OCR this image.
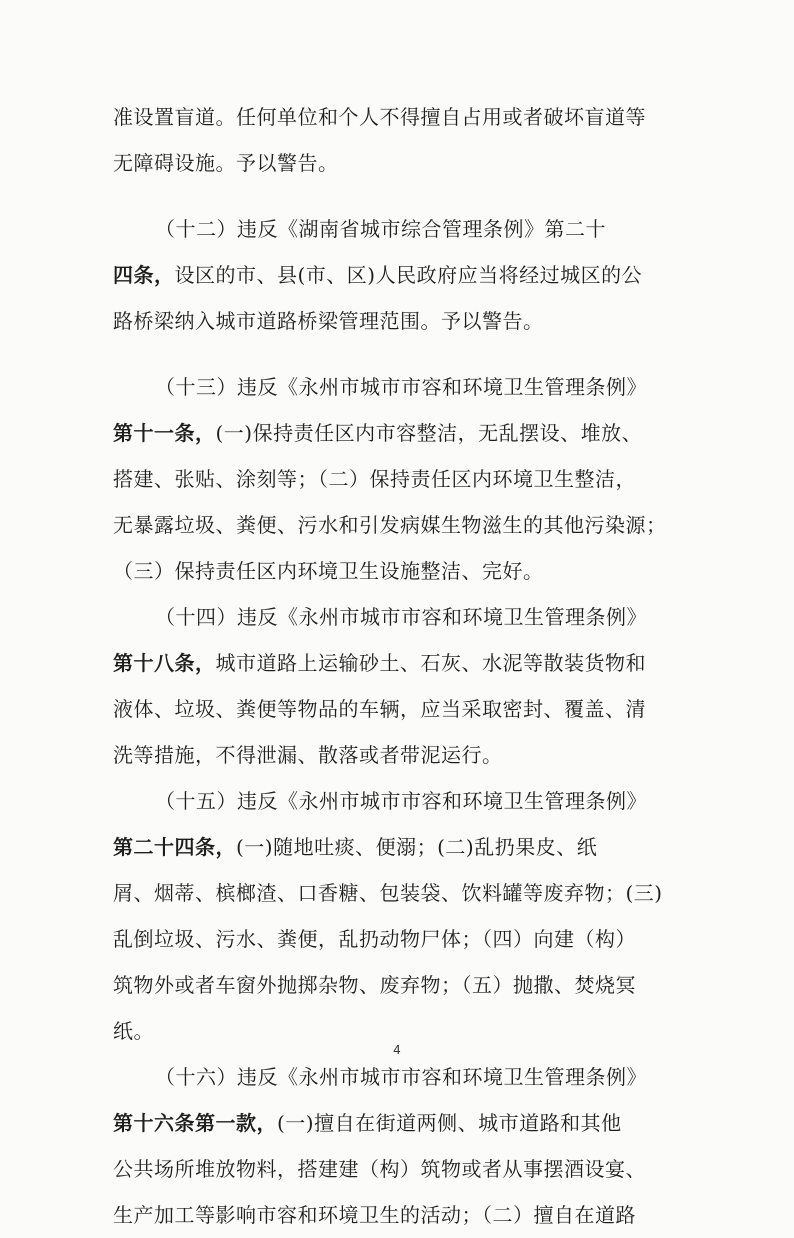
准设置盲道。任何单位和个人不得擅自占用或者破坏盲道等
无障碍设施。予以警告。
（十二）违反《湖南省城市综合管理条例》第二十
四条，设区的市、县(市、区)人民政府应当将经过城区的公
路桥梁纳入城市道路桥梁管理范围。予以警告。
（十三）违反《永州市城市市容和环境卫生管理条例》
第十一条，(一)保持责任区内市容整洁，无乱摆设、堆放、
搭建、张贴、涂刻等；（二）保持责任区内环境卫生整洁，
无暴露垃圾、粪便、污水和引发病媒生物滋生的其他污染源；
（三）保持责任区内环境卫生设施整洁、完好。
（十四）违反《永州市城市市容和环境卫生管理条例》
第十八条，城市道路上运输砂土、石灰、水泥等散装货物和
液体、垃圾、粪便等物品的车辆，应当采取密封、覆盖、清
洗等措施，不得泄漏、散落或者带泥运行。
（十五）违反《永州市城市市容和环境卫生管理条例》
第二十四条，(一)随地吐痰、便溺；(二)乱扔果皮、纸
屑、烟蒂、槟榔渣、口香糖、包装袋、饮料罐等废弃物；(三)
乱倒垃圾、污水、粪便，乱扔动物尸体；（四）向建（构）
筑物外或者车窗外抛掷杂物、废弃物；（五）抛撒、焚烧冥
纸。
（十六）违反《永州市城市市容和环境卫生管理条例》
第十六条第一款，(一)擅自在街道两侧、城市道路和其他
公共场所堆放物料，搭建建（构）筑物或者从事摆酒设宴、
生产加工等影响市容和环境卫生的活动；（二）擅自在道路
4
